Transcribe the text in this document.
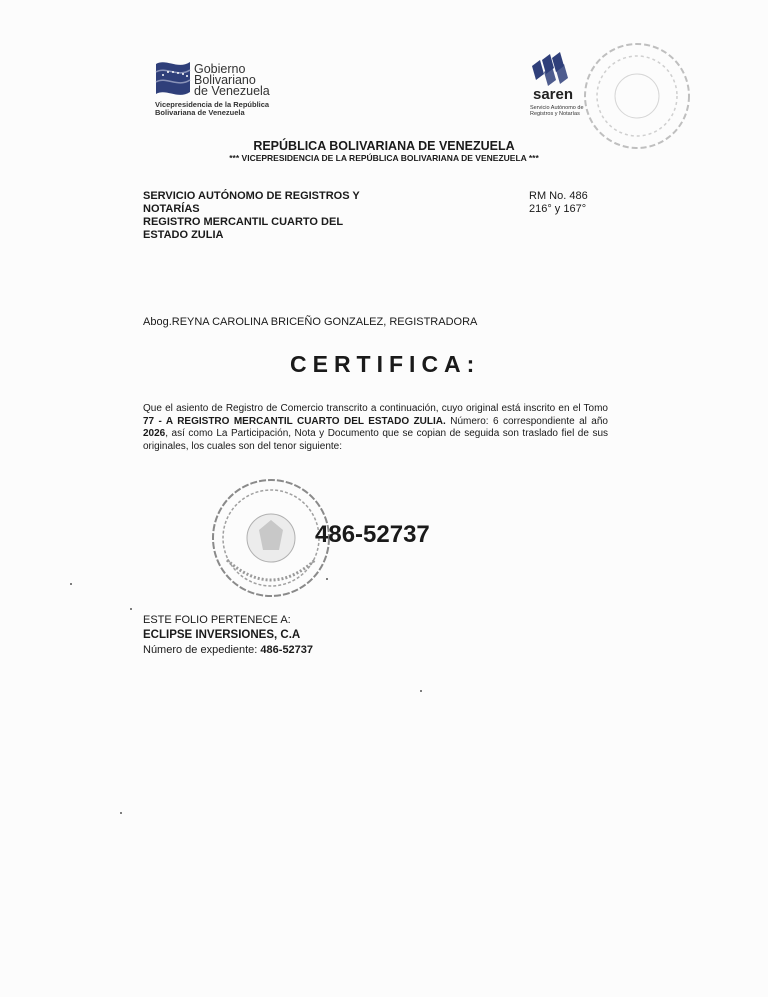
Gobierno
Bolivariano
de Venezuela
Vicepresidencia de la República
Bolivariana de Venezuela
saren
Servicio Autónomo de
Registros y Notarías
REPÚBLICA BOLIVARIANA DE VENEZUELA
*** VICEPRESIDENCIA DE LA REPÚBLICA BOLIVARIANA DE VENEZUELA ***
SERVICIO AUTÓNOMO DE REGISTROS Y NOTARÍAS
REGISTRO MERCANTIL CUARTO DEL ESTADO ZULIA
RM No. 486
216° y 167°
Abog.REYNA CAROLINA BRICEÑO GONZALEZ, REGISTRADORA
CERTIFICA:
Que el asiento de Registro de Comercio transcrito a continuación, cuyo original está inscrito en el Tomo 77 - A REGISTRO MERCANTIL CUARTO DEL ESTADO ZULIA. Número: 6 correspondiente al año 2026, así como La Participación, Nota y Documento que se copian de seguida son traslado fiel de sus originales, los cuales son del tenor siguiente:
486-52737
ESTE FOLIO PERTENECE A:
ECLIPSE INVERSIONES, C.A
Número de expediente: 486-52737
